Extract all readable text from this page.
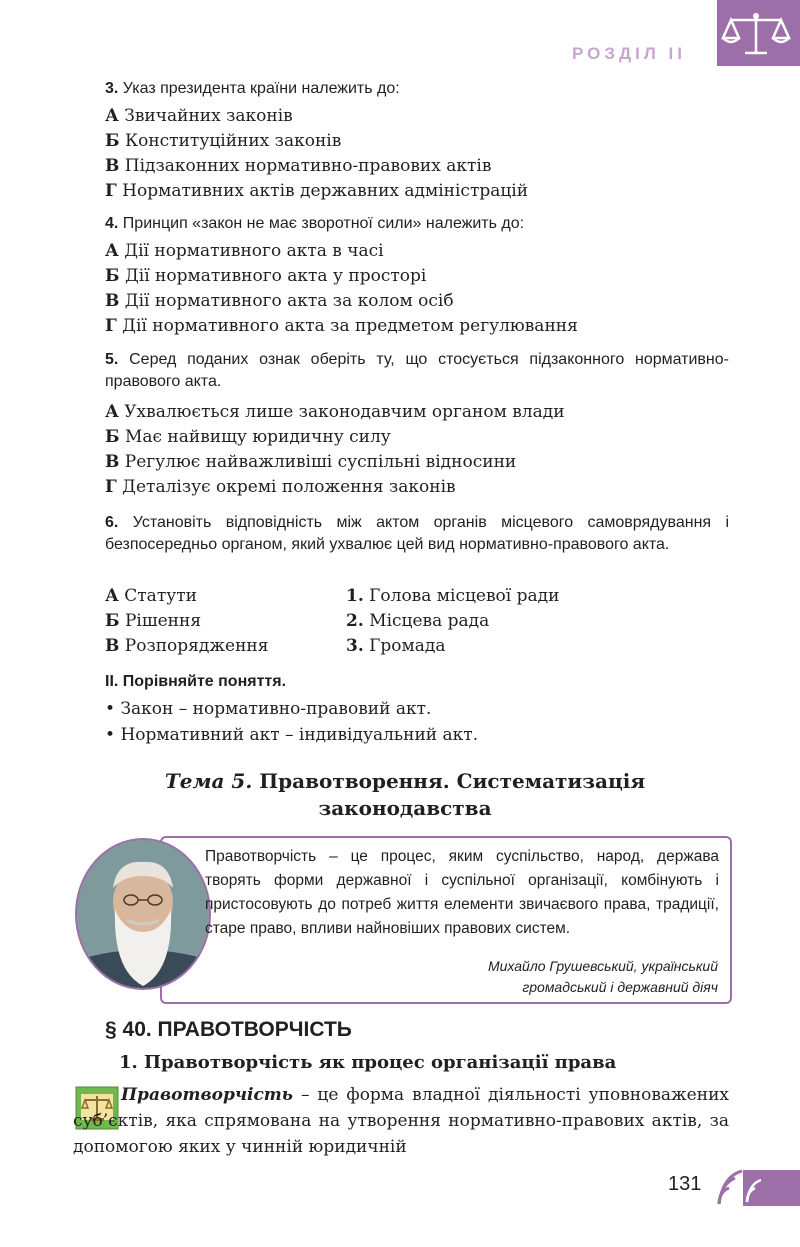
РОЗДІЛ II

3. Указ президента країни належить до:

А Звичайних законів

Б Конституційних законів

В Підзаконних нормативно-правових актів

Г Нормативних актів державних адміністрацій

4. Принцип «закон не має зворотної сили» належить до:

А Дії нормативного акта в часі

Б Дії нормативного акта у просторі

В Дії нормативного акта за колом осіб

Г Дії нормативного акта за предметом регулювання

5. Серед поданих ознак оберіть ту, що стосується підзаконного нормативно-правового акта.

А Ухвалюється лише законодавчим органом влади

Б Має найвищу юридичну силу

В Регулює найважливіші суспільні відносини

Г Деталізує окремі положення законів

6. Установіть відповідність між актом органів місцевого самоврядування і безпосередньо органом, який ухвалює цей вид нормативно-правового акта.

А Статути
Б Рішення
В Розпорядження
1. Голова місцевої ради
2. Місцева рада
3. Громада
II. Порівняйте поняття.
• Закон – нормативно-правовий акт.
• Нормативний акт – індивідуальний акт.
Тема 5. Правотворення. Систематизація
законодавства
Правотворчість – це процес, яким суспільство, народ, держава творять форми державної і суспільної організації, комбінують і пристосовують до потреб життя елементи звичаєвого права, традиції, старе право, впливи найновіших правових систем.
Михайло Грушевський, український
громадський і державний діяч
§ 40. ПРАВОТВОРЧІСТЬ
1. Правотворчість як процес організації права
Правотворчість – це форма владної діяльності уповноважених суб’єктів, яка спрямована на утворення нормативно-правових актів, за допомогою яких у чинній юридичній
131
